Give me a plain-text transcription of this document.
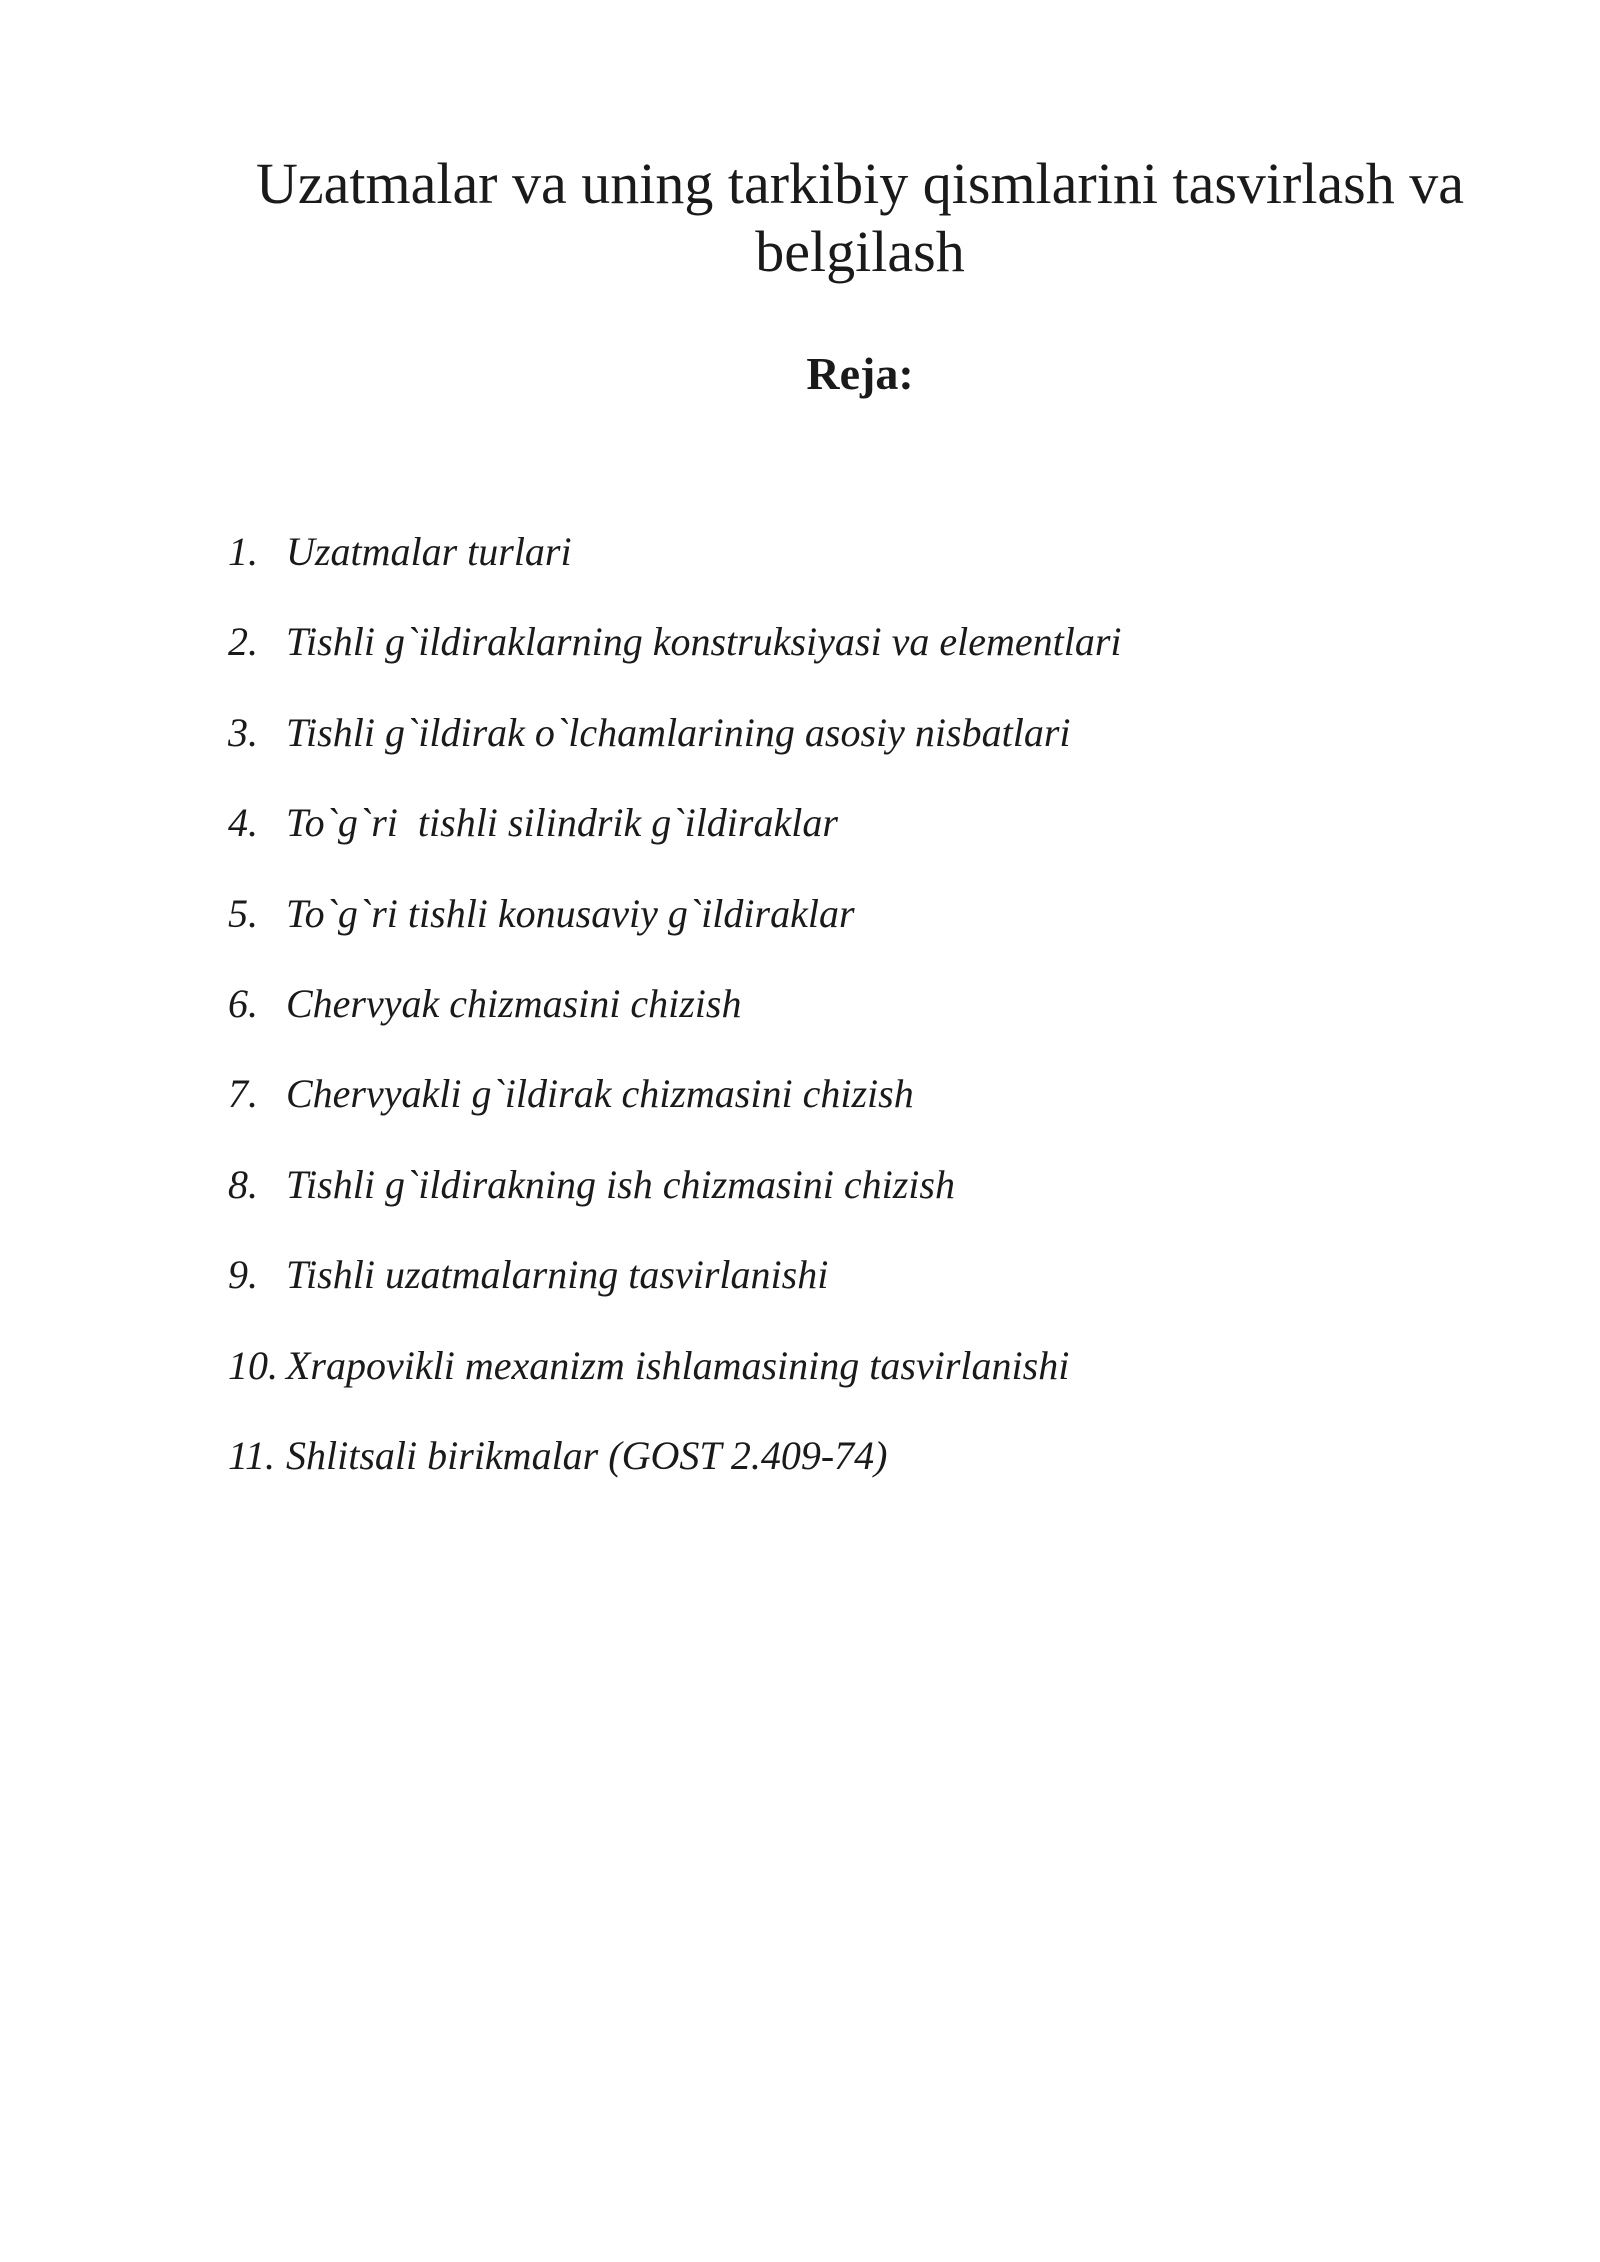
Uzatmalar va uning tarkibiy qismlarini tasvirlash va belgilash
Reja:
1. Uzatmalar turlari
2. Tishli g`ildiraklarning konstruksiyasi va elementlari
3. Tishli g`ildirak o`lchamlarining asosiy nisbatlari
4. To`g`ri  tishli silindrik g`ildiraklar
5. To`g`ri tishli konusaviy g`ildiraklar
6. Chervyak chizmasini chizish
7. Chervyakli g`ildirak chizmasini chizish
8. Tishli g`ildirakning ish chizmasini chizish
9. Tishli uzatmalarning tasvirlanishi
10. Xrapovikli mexanizm ishlamasining tasvirlanishi
11. Shlitsali birikmalar (GOST 2.409-74)
